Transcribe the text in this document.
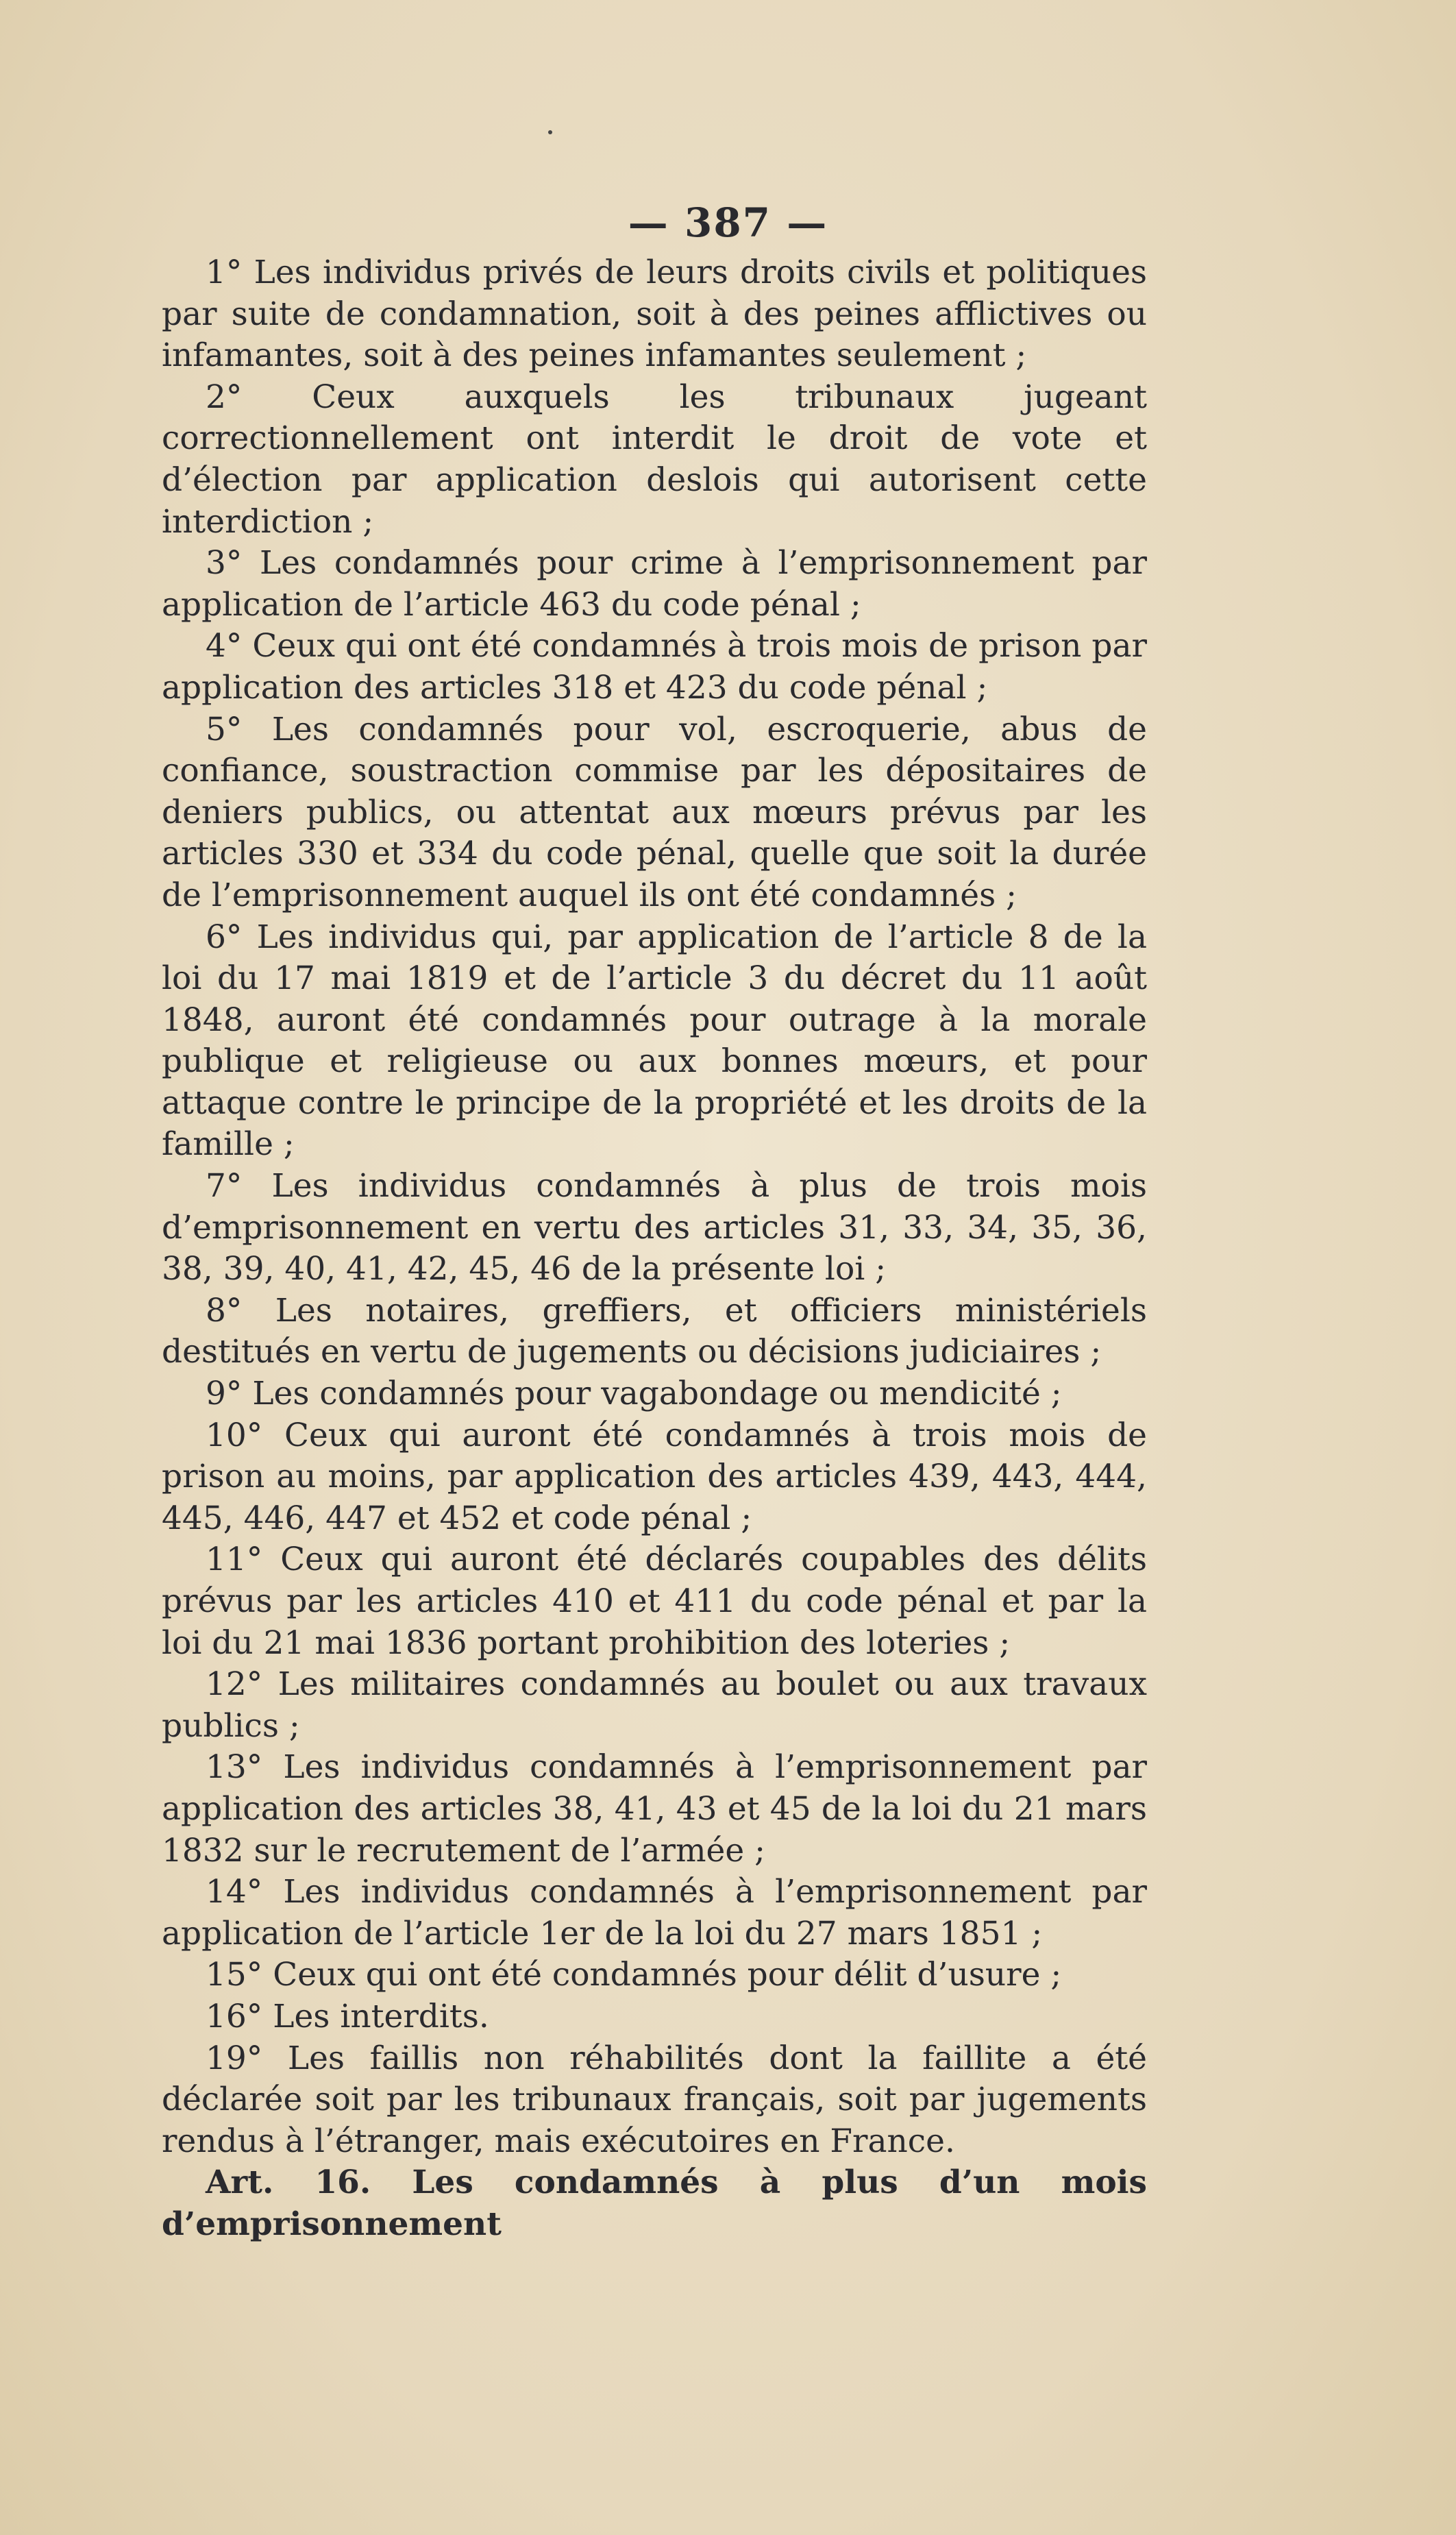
— 387 —

1° Les individus privés de leurs droits civils et politiques par suite de condamnation, soit à des peines afflictives ou infamantes, soit à des peines infamantes seulement ;

2° Ceux auxquels les tribunaux jugeant correctionnellement ont interdit le droit de vote et d’élection par application deslois qui autorisent cette interdiction ;

3° Les condamnés pour crime à l’emprisonnement par application de l’article 463 du code pénal ;

4° Ceux qui ont été condamnés à trois mois de prison par application des articles 318 et 423 du code pénal ;

5° Les condamnés pour vol, escroquerie, abus de confiance, soustraction commise par les dépositaires de deniers publics, ou attentat aux mœurs prévus par les articles 330 et 334 du code pénal, quelle que soit la durée de l’emprisonnement auquel ils ont été condamnés ;

6° Les individus qui, par application de l’article 8 de la loi du 17 mai 1819 et de l’article 3 du décret du 11 août 1848, auront été condamnés pour outrage à la morale publique et religieuse ou aux bonnes mœurs, et pour attaque contre le principe de la propriété et les droits de la famille ;

7° Les individus condamnés à plus de trois mois d’emprisonnement en vertu des articles 31, 33, 34, 35, 36, 38, 39, 40, 41, 42, 45, 46 de la présente loi ;

8° Les notaires, greffiers, et officiers ministériels destitués en vertu de jugements ou décisions judiciaires ;

9° Les condamnés pour vagabondage ou mendicité ;

10° Ceux qui auront été condamnés à trois mois de prison au moins, par application des articles 439, 443, 444, 445, 446, 447 et 452 et code pénal ;

11° Ceux qui auront été déclarés coupables des délits prévus par les articles 410 et 411 du code pénal et par la loi du 21 mai 1836 portant prohibition des loteries ;

12° Les militaires condamnés au boulet ou aux travaux publics ;

13° Les individus condamnés à l’emprisonnement par application des articles 38, 41, 43 et 45 de la loi du 21 mars 1832 sur le recrutement de l’armée ;

14° Les individus condamnés à l’emprisonnement par application de l’article 1er de la loi du 27 mars 1851 ;

15° Ceux qui ont été condamnés pour délit d’usure ;

16° Les interdits.

19° Les faillis non réhabilités dont la faillite a été déclarée soit par les tribunaux français, soit par jugements rendus à l’étranger, mais exécutoires en France.

Art. 16. Les condamnés à plus d’un mois d’emprisonnement
